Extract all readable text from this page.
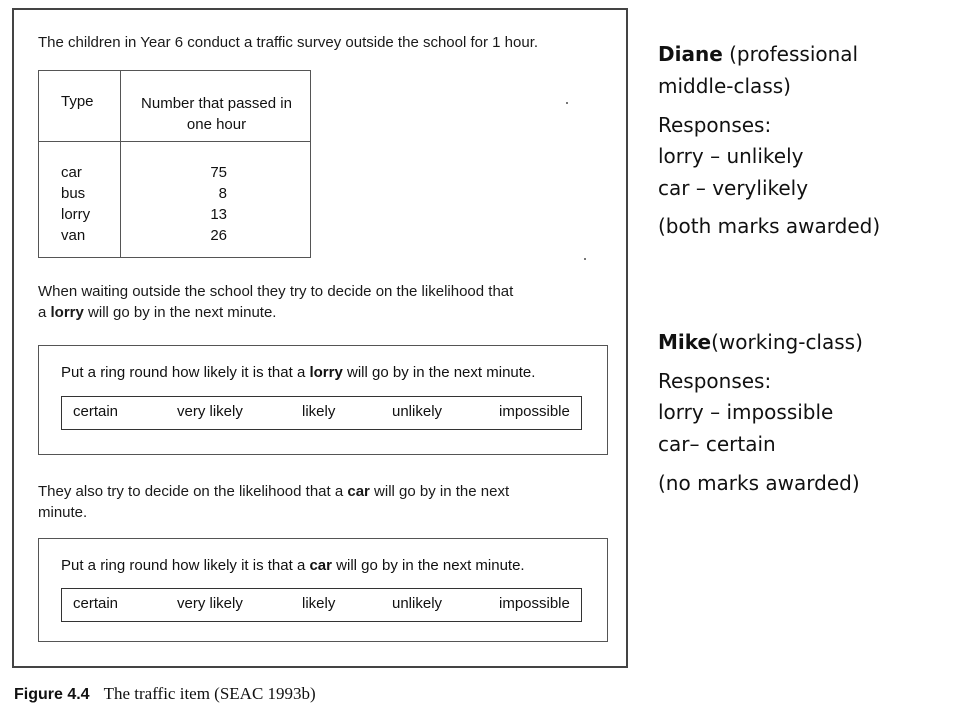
The children in Year 6 conduct a traffic survey outside the school for 1 hour.
Type	Number that passed in one hour
car	75
bus	8
lorry	13
van	26
When waiting outside the school they try to decide on the likelihood that
a lorry will go by in the next minute.
Put a ring round how likely it is that a lorry will go by in the next minute.
certain	very likely	likely	unlikely	impossible
They also try to decide on the likelihood that a car will go by in the next
minute.
Put a ring round how likely it is that a car will go by in the next minute.
certain	very likely	likely	unlikely	impossible
Figure 4.4 The traffic item (SEAC 1993b)
Diane (professional
middle-class)
Responses:
lorry – unlikely
car – verylikely
(both marks awarded)
Mike(working-class)
Responses:
lorry – impossible
car– certain
(no marks awarded)
